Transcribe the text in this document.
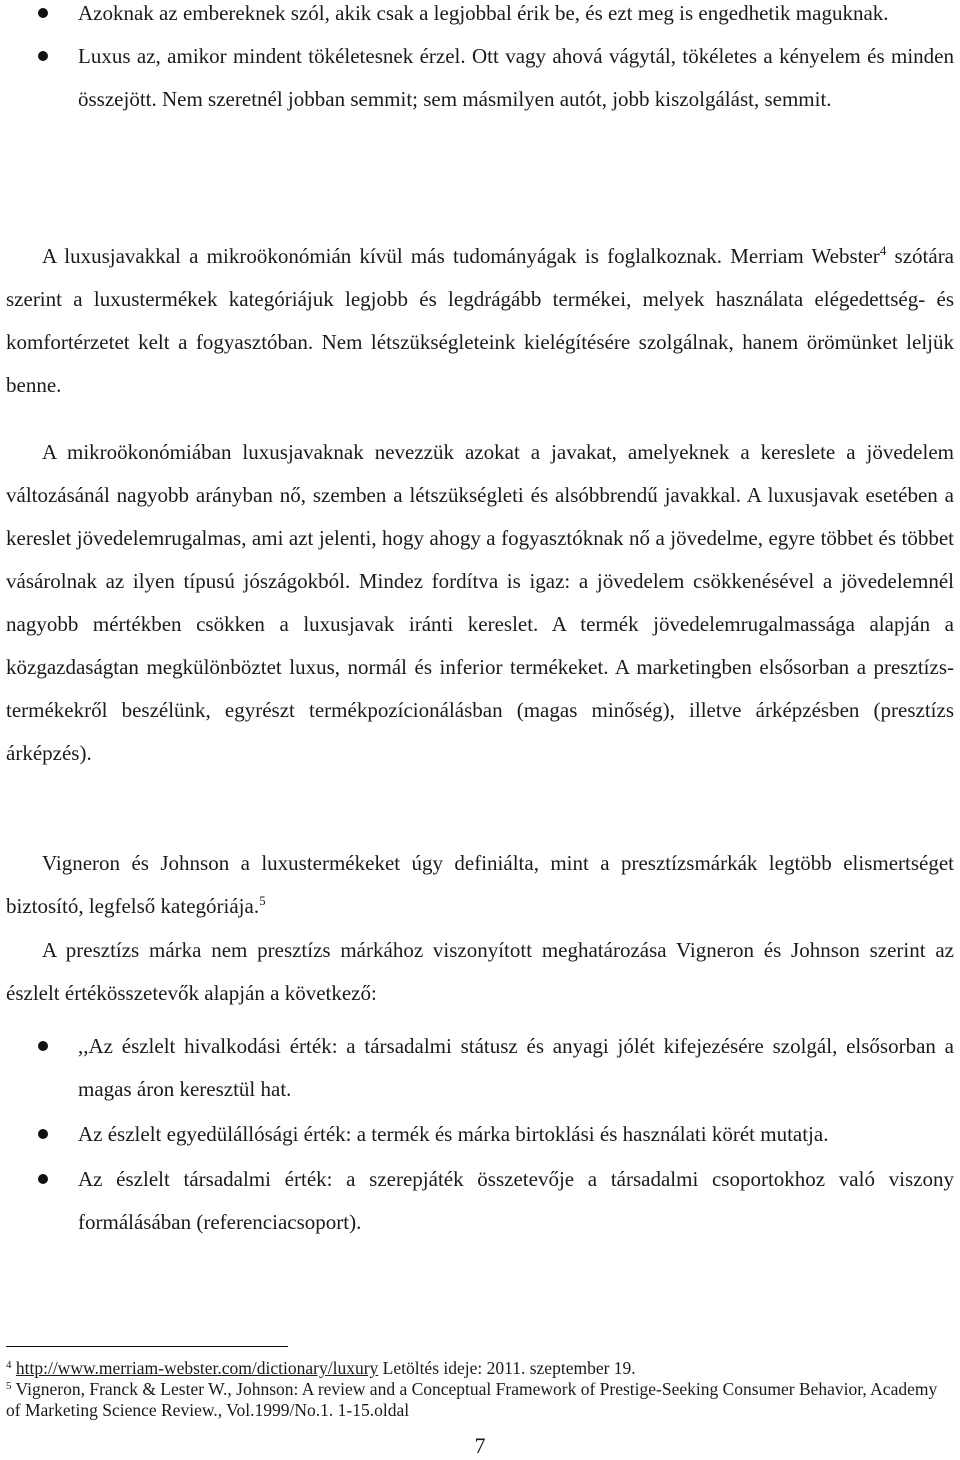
Azoknak az embereknek szól, akik csak a legjobbal érik be, és ezt meg is engedhetik maguknak.
Luxus az, amikor mindent tökéletesnek érzel. Ott vagy ahová vágytál, tökéletes a kényelem és minden összejött. Nem szeretnél jobban semmit; sem másmilyen autót, jobb kiszolgálást, semmit.

A luxusjavakkal a mikroökonómián kívül más tudományágak is foglalkoznak. Merriam Webster$^4$ szótára szerint a luxustermékek kategóriájuk legjobb és legdrágább termékei, melyek használata elégedettség- és komfortérzetet kelt a fogyasztóban. Nem létszükségleteink kielégítésére szolgálnak, hanem örömünket leljük benne.

A mikroökonómiában luxusjavaknak nevezzük azokat a javakat, amelyeknek a kereslete a jövedelem változásánál nagyobb arányban nő, szemben a létszükségleti és alsóbbrendű javakkal. A luxusjavak esetében a kereslet jövedelemrugalmas, ami azt jelenti, hogy ahogy a fogyasztóknak nő a jövedelme, egyre többet és többet vásárolnak az ilyen típusú jószágokból. Mindez fordítva is igaz: a jövedelem csökkenésével a jövedelemnél nagyobb mértékben csökken a luxusjavak iránti kereslet. A termék jövedelemrugalmassága alapján a közgazdaságtan megkülönböztet luxus, normál és inferior termékeket. A marketingben elsősorban a presztízs-termékekről beszélünk, egyrészt termékpozícionálásban (magas minőség), illetve árképzésben (presztízs árképzés).

Vigneron és Johnson a luxustermékeket úgy definiálta, mint a presztízsmárkák legtöbb elismertséget biztosító, legfelső kategóriája.$^5$

A presztízs márka nem presztízs márkához viszonyított meghatározása Vigneron és Johnson szerint az észlelt értékösszetevők alapján a következő:

,,Az észlelt hivalkodási érték: a társadalmi státusz és anyagi jólét kifejezésére szolgál, elsősorban a magas áron keresztül hat.
Az észlelt egyedülállósági érték: a termék és márka birtoklási és használati körét mutatja.
Az észlelt társadalmi érték: a szerepjáték összetevője a társadalmi csoportokhoz való viszony formálásában (referenciacsoport).

$^4$ http://www.merriam-webster.com/dictionary/luxury Letöltés ideje: 2011. szeptember 19.

$^5$ Vigneron, Franck & Lester W., Johnson: A review and a Conceptual Framework of Prestige-Seeking Consumer Behavior, Academy of Marketing Science Review., Vol.1999/No.1. 1-15.oldal

7
